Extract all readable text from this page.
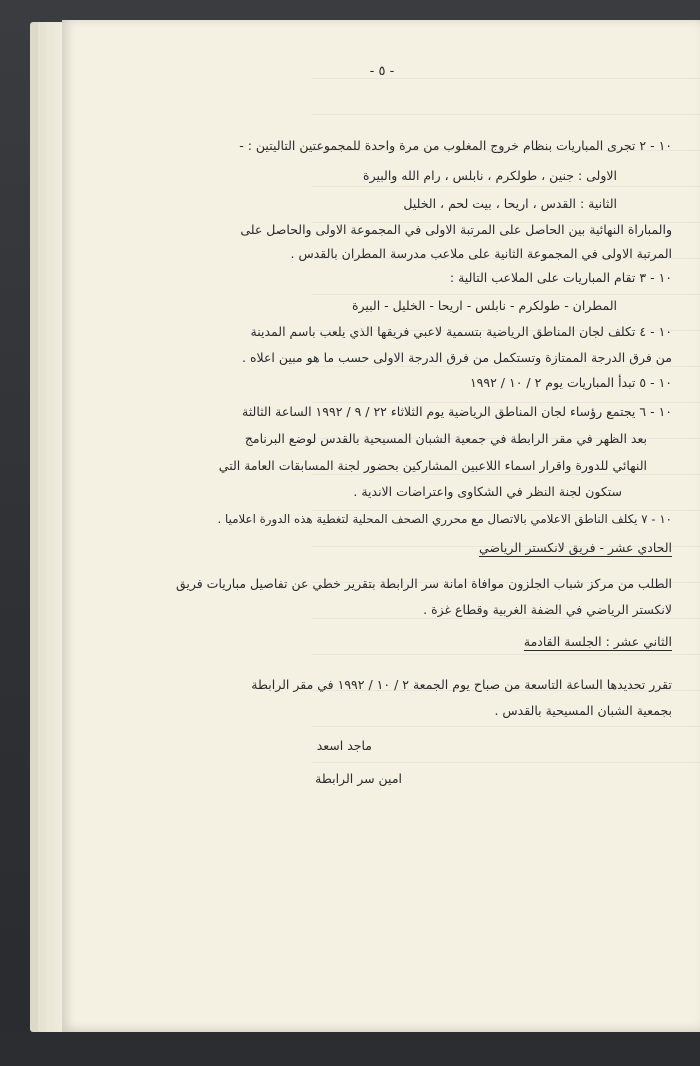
- ٥ -
١٠ - ٢ تجرى المباريات بنظام خروج المغلوب من مرة واحدة للمجموعتين التاليتين : -
الاولى : جنين ، طولكرم ، نابلس ، رام الله والبيرة
الثانية : القدس ، اريحا ، بيت لحم ، الخليل
والمباراة النهائية بين الحاصل على المرتبة الاولى في المجموعة الاولى والحاصل على
المرتبة الاولى في المجموعة الثانية على ملاعب مدرسة المطران بالقدس .
١٠ - ٣ تقام المباريات على الملاعب التالية :
المطران - طولكرم - نابلس - اريحا - الخليل - البيرة
١٠ - ٤ تكلف لجان المناطق الرياضية بتسمية لاعبي فريقها الذي يلعب باسم المدينة
من فرق الدرجة الممتازة وتستكمل من فرق الدرجة الاولى حسب ما هو مبين اعلاه .
١٠ - ٥ تبدأ المباريات يوم ٢ / ١٠ / ١٩٩٢
١٠ - ٦ يجتمع رؤساء لجان المناطق الرياضية يوم الثلاثاء ٢٢ / ٩ / ١٩٩٢ الساعة الثالثة
بعد الظهر في مقر الرابطة في جمعية الشبان المسيحية بالقدس لوضع البرنامج
النهائي للدورة واقرار اسماء اللاعبين المشاركين بحضور لجنة المسابقات العامة التي
ستكون لجنة النظر في الشكاوى واعتراضات الاندية .
١٠ - ٧ يكلف الناطق الاعلامي بالاتصال مع محرري الصحف المحلية لتغطية هذه الدورة اعلاميا .
الحادي عشر - فريق لانكستر الرياضي
الطلب من مركز شباب الجلزون موافاة امانة سر الرابطة بتقرير خطي عن تفاصيل مباريات فريق
لانكستر الرياضي في الضفة الغربية وقطاع غزة .
الثاني عشر : الجلسة القادمة
تقرر تحديدها الساعة التاسعة من صباح يوم الجمعة ٢ / ١٠ / ١٩٩٢ في مقر الرابطة
بجمعية الشبان المسيحية بالقدس .
ماجد اسعد
امين سر الرابطة
